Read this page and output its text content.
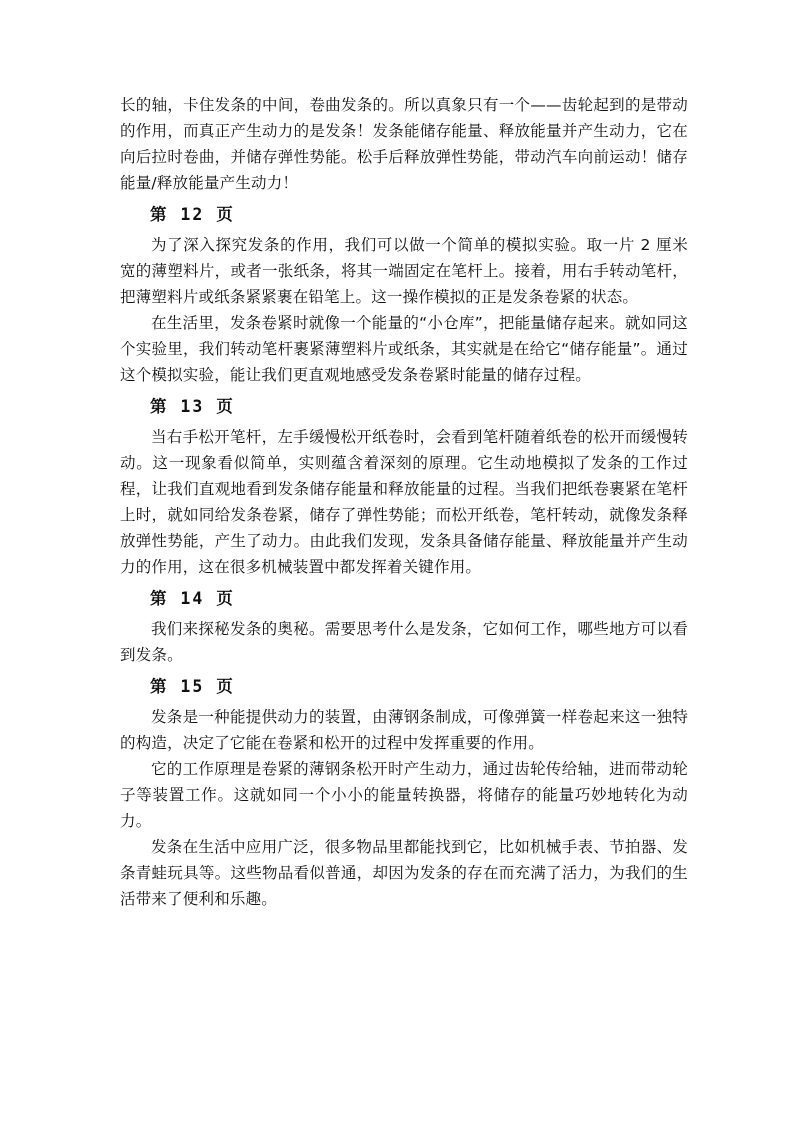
长的轴，卡住发条的中间，卷曲发条的。所以真象只有一个——齿轮起到的是带动的作用，而真正产生动力的是发条！发条能储存能量、释放能量并产生动力，它在向后拉时卷曲，并储存弹性势能。松手后释放弹性势能，带动汽车向前运动！储存能量/释放能量产生动力！

第 12 页

为了深入探究发条的作用，我们可以做一个简单的模拟实验。取一片 2 厘米宽的薄塑料片，或者一张纸条，将其一端固定在笔杆上。接着，用右手转动笔杆，把薄塑料片或纸条紧紧裹在铅笔上。这一操作模拟的正是发条卷紧的状态。

在生活里，发条卷紧时就像一个能量的“小仓库”，把能量储存起来。就如同这个实验里，我们转动笔杆裹紧薄塑料片或纸条，其实就是在给它“储存能量”。通过这个模拟实验，能让我们更直观地感受发条卷紧时能量的储存过程。

第 13 页

当右手松开笔杆，左手缓慢松开纸卷时，会看到笔杆随着纸卷的松开而缓慢转动。这一现象看似简单，实则蕴含着深刻的原理。它生动地模拟了发条的工作过程，让我们直观地看到发条储存能量和释放能量的过程。当我们把纸卷裹紧在笔杆上时，就如同给发条卷紧，储存了弹性势能；而松开纸卷，笔杆转动，就像发条释放弹性势能，产生了动力。由此我们发现，发条具备储存能量、释放能量并产生动力的作用，这在很多机械装置中都发挥着关键作用。

第 14 页

我们来探秘发条的奥秘。需要思考什么是发条，它如何工作，哪些地方可以看到发条。

第 15 页

发条是一种能提供动力的装置，由薄钢条制成，可像弹簧一样卷起来这一独特的构造，决定了它能在卷紧和松开的过程中发挥重要的作用。

它的工作原理是卷紧的薄钢条松开时产生动力，通过齿轮传给轴，进而带动轮子等装置工作。这就如同一个小小的能量转换器，将储存的能量巧妙地转化为动力。

发条在生活中应用广泛，很多物品里都能找到它，比如机械手表、节拍器、发条青蛙玩具等。这些物品看似普通，却因为发条的存在而充满了活力，为我们的生活带来了便利和乐趣。
